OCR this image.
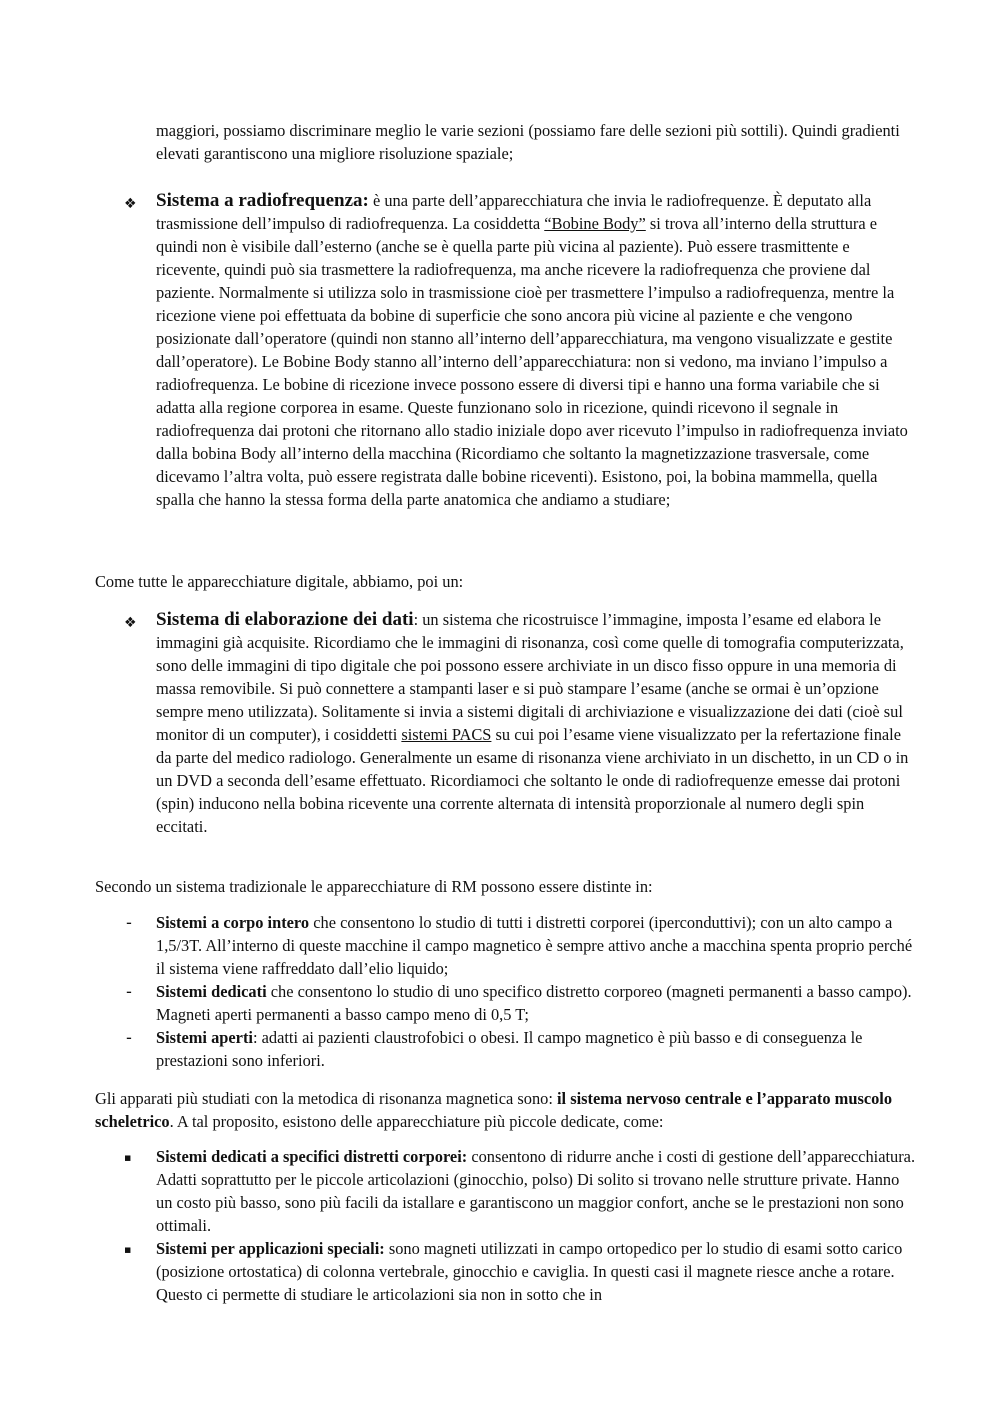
maggiori, possiamo discriminare meglio le varie sezioni (possiamo fare delle sezioni più sottili). Quindi gradienti elevati garantiscono una migliore risoluzione spaziale;

❖ Sistema a radiofrequenza: è una parte dell’apparecchiatura che invia le radiofrequenze. È deputato alla trasmissione dell’impulso di radiofrequenza. La cosiddetta “Bobine Body” si trova all’interno della struttura e quindi non è visibile dall’esterno (anche se è quella parte più vicina al paziente). Può essere trasmittente e ricevente, quindi può sia trasmettere la radiofrequenza, ma anche ricevere la radiofrequenza che proviene dal paziente. Normalmente si utilizza solo in trasmissione cioè per trasmettere l’impulso a radiofrequenza, mentre la ricezione viene poi effettuata da bobine di superficie che sono ancora più vicine al paziente e che vengono posizionate dall’operatore (quindi non stanno all’interno dell’apparecchiatura, ma vengono visualizzate e gestite dall’operatore). Le Bobine Body stanno all’interno dell’apparecchiatura: non si vedono, ma inviano l’impulso a radiofrequenza. Le bobine di ricezione invece possono essere di diversi tipi e hanno una forma variabile che si adatta alla regione corporea in esame. Queste funzionano solo in ricezione, quindi ricevono il segnale in radiofrequenza dai protoni che ritornano allo stadio iniziale dopo aver ricevuto l’impulso in radiofrequenza inviato dalla bobina Body all’interno della macchina (Ricordiamo che soltanto la magnetizzazione trasversale, come dicevamo l’altra volta, può essere registrata dalle bobine riceventi). Esistono, poi, la bobina mammella, quella spalla che hanno la stessa forma della parte anatomica che andiamo a studiare;

Come tutte le apparecchiature digitale, abbiamo, poi un:

❖ Sistema di elaborazione dei dati: un sistema che ricostruisce l’immagine, imposta l’esame ed elabora le immagini già acquisite. Ricordiamo che le immagini di risonanza, così come quelle di tomografia computerizzata, sono delle immagini di tipo digitale che poi possono essere archiviate in un disco fisso oppure in una memoria di massa removibile. Si può connettere a stampanti laser e si può stampare l’esame (anche se ormai è un’opzione sempre meno utilizzata). Solitamente si invia a sistemi digitali di archiviazione e visualizzazione dei dati (cioè sul monitor di un computer), i cosiddetti sistemi PACS su cui poi l’esame viene visualizzato per la refertazione finale da parte del medico radiologo. Generalmente un esame di risonanza viene archiviato in un dischetto, in un CD o in un DVD a seconda dell’esame effettuato. Ricordiamoci che soltanto le onde di radiofrequenze emesse dai protoni (spin) inducono nella bobina ricevente una corrente alternata di intensità proporzionale al numero degli spin eccitati.

Secondo un sistema tradizionale le apparecchiature di RM possono essere distinte in:

- Sistemi a corpo intero che consentono lo studio di tutti i distretti corporei (iperconduttivi); con un alto campo a 1,5/3T. All’interno di queste macchine il campo magnetico è sempre attivo anche a macchina spenta proprio perché il sistema viene raffreddato dall’elio liquido;

- Sistemi dedicati che consentono lo studio di uno specifico distretto corporeo (magneti permanenti a basso campo). Magneti aperti permanenti a basso campo meno di 0,5 T;

- Sistemi aperti: adatti ai pazienti claustrofobici o obesi. Il campo magnetico è più basso e di conseguenza le prestazioni sono inferiori.

Gli apparati più studiati con la metodica di risonanza magnetica sono: il sistema nervoso centrale e l’apparato muscolo scheletrico. A tal proposito, esistono delle apparecchiature più piccole dedicate, come:

▪ Sistemi dedicati a specifici distretti corporei: consentono di ridurre anche i costi di gestione dell’apparecchiatura. Adatti soprattutto per le piccole articolazioni (ginocchio, polso) Di solito si trovano nelle strutture private. Hanno un costo più basso, sono più facili da istallare e garantiscono un maggior confort, anche se le prestazioni non sono ottimali.

▪ Sistemi per applicazioni speciali: sono magneti utilizzati in campo ortopedico per lo studio di esami sotto carico (posizione ortostatica) di colonna vertebrale, ginocchio e caviglia. In questi casi il magnete riesce anche a rotare. Questo ci permette di studiare le articolazioni sia non in sotto che in
